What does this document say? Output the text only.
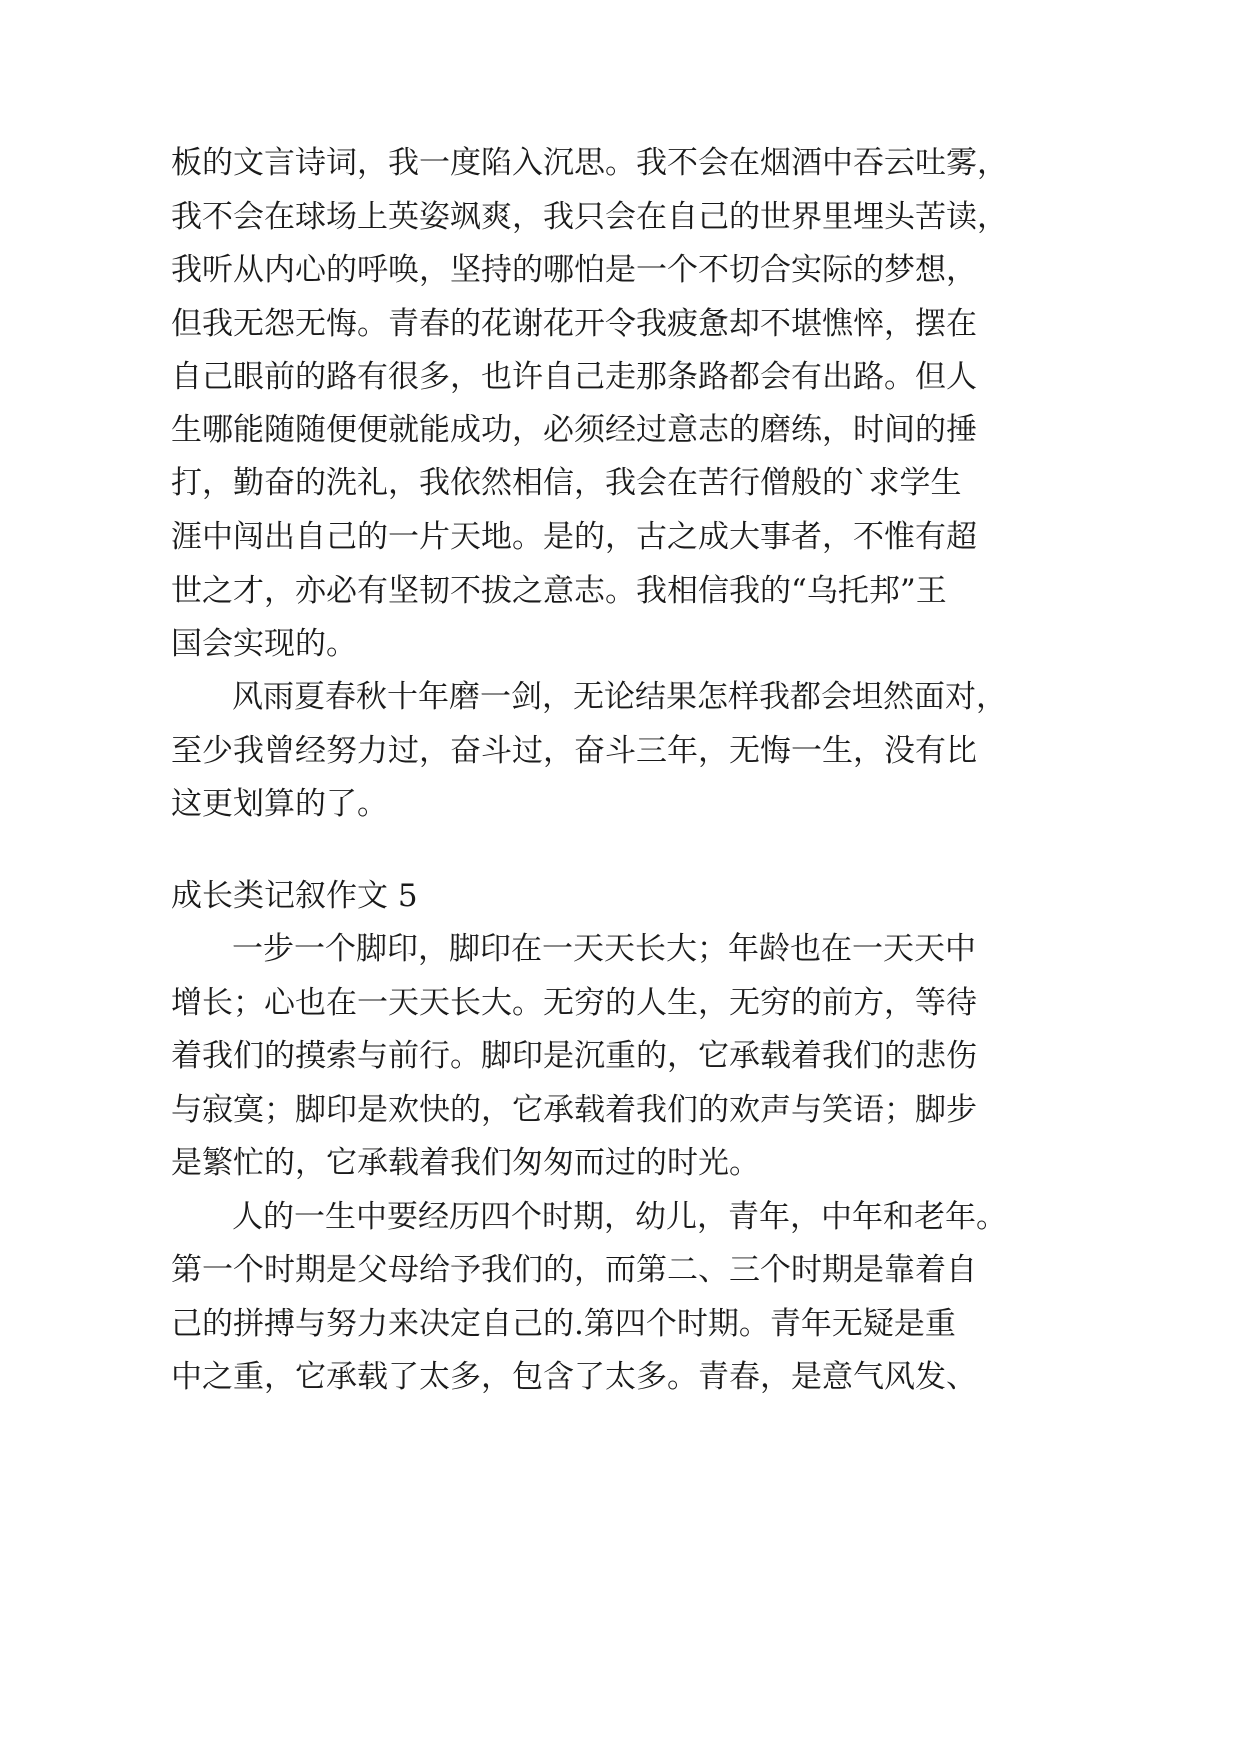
板的文言诗词，我一度陷入沉思。我不会在烟酒中吞云吐雾，
我不会在球场上英姿飒爽，我只会在自己的世界里埋头苦读，
我听从内心的呼唤，坚持的哪怕是一个不切合实际的梦想，
但我无怨无悔。青春的花谢花开令我疲惫却不堪憔悴，摆在
自己眼前的路有很多，也许自己走那条路都会有出路。但人
生哪能随随便便就能成功，必须经过意志的磨练，时间的捶
打，勤奋的洗礼，我依然相信，我会在苦行僧般的`求学生
涯中闯出自己的一片天地。是的，古之成大事者，不惟有超
世之才，亦必有坚韧不拔之意志。我相信我的“乌托邦”王
国会实现的。
风雨夏春秋十年磨一剑，无论结果怎样我都会坦然面对，
至少我曾经努力过，奋斗过，奋斗三年，无悔一生，没有比
这更划算的了。
成长类记叙作文 5
一步一个脚印，脚印在一天天长大；年龄也在一天天中
增长；心也在一天天长大。无穷的人生，无穷的前方，等待
着我们的摸索与前行。脚印是沉重的，它承载着我们的悲伤
与寂寞；脚印是欢快的，它承载着我们的欢声与笑语；脚步
是繁忙的，它承载着我们匆匆而过的时光。
人的一生中要经历四个时期，幼儿，青年，中年和老年。
第一个时期是父母给予我们的，而第二、三个时期是靠着自
己的拼搏与努力来决定自己的.第四个时期。青年无疑是重
中之重，它承载了太多，包含了太多。青春，是意气风发、
